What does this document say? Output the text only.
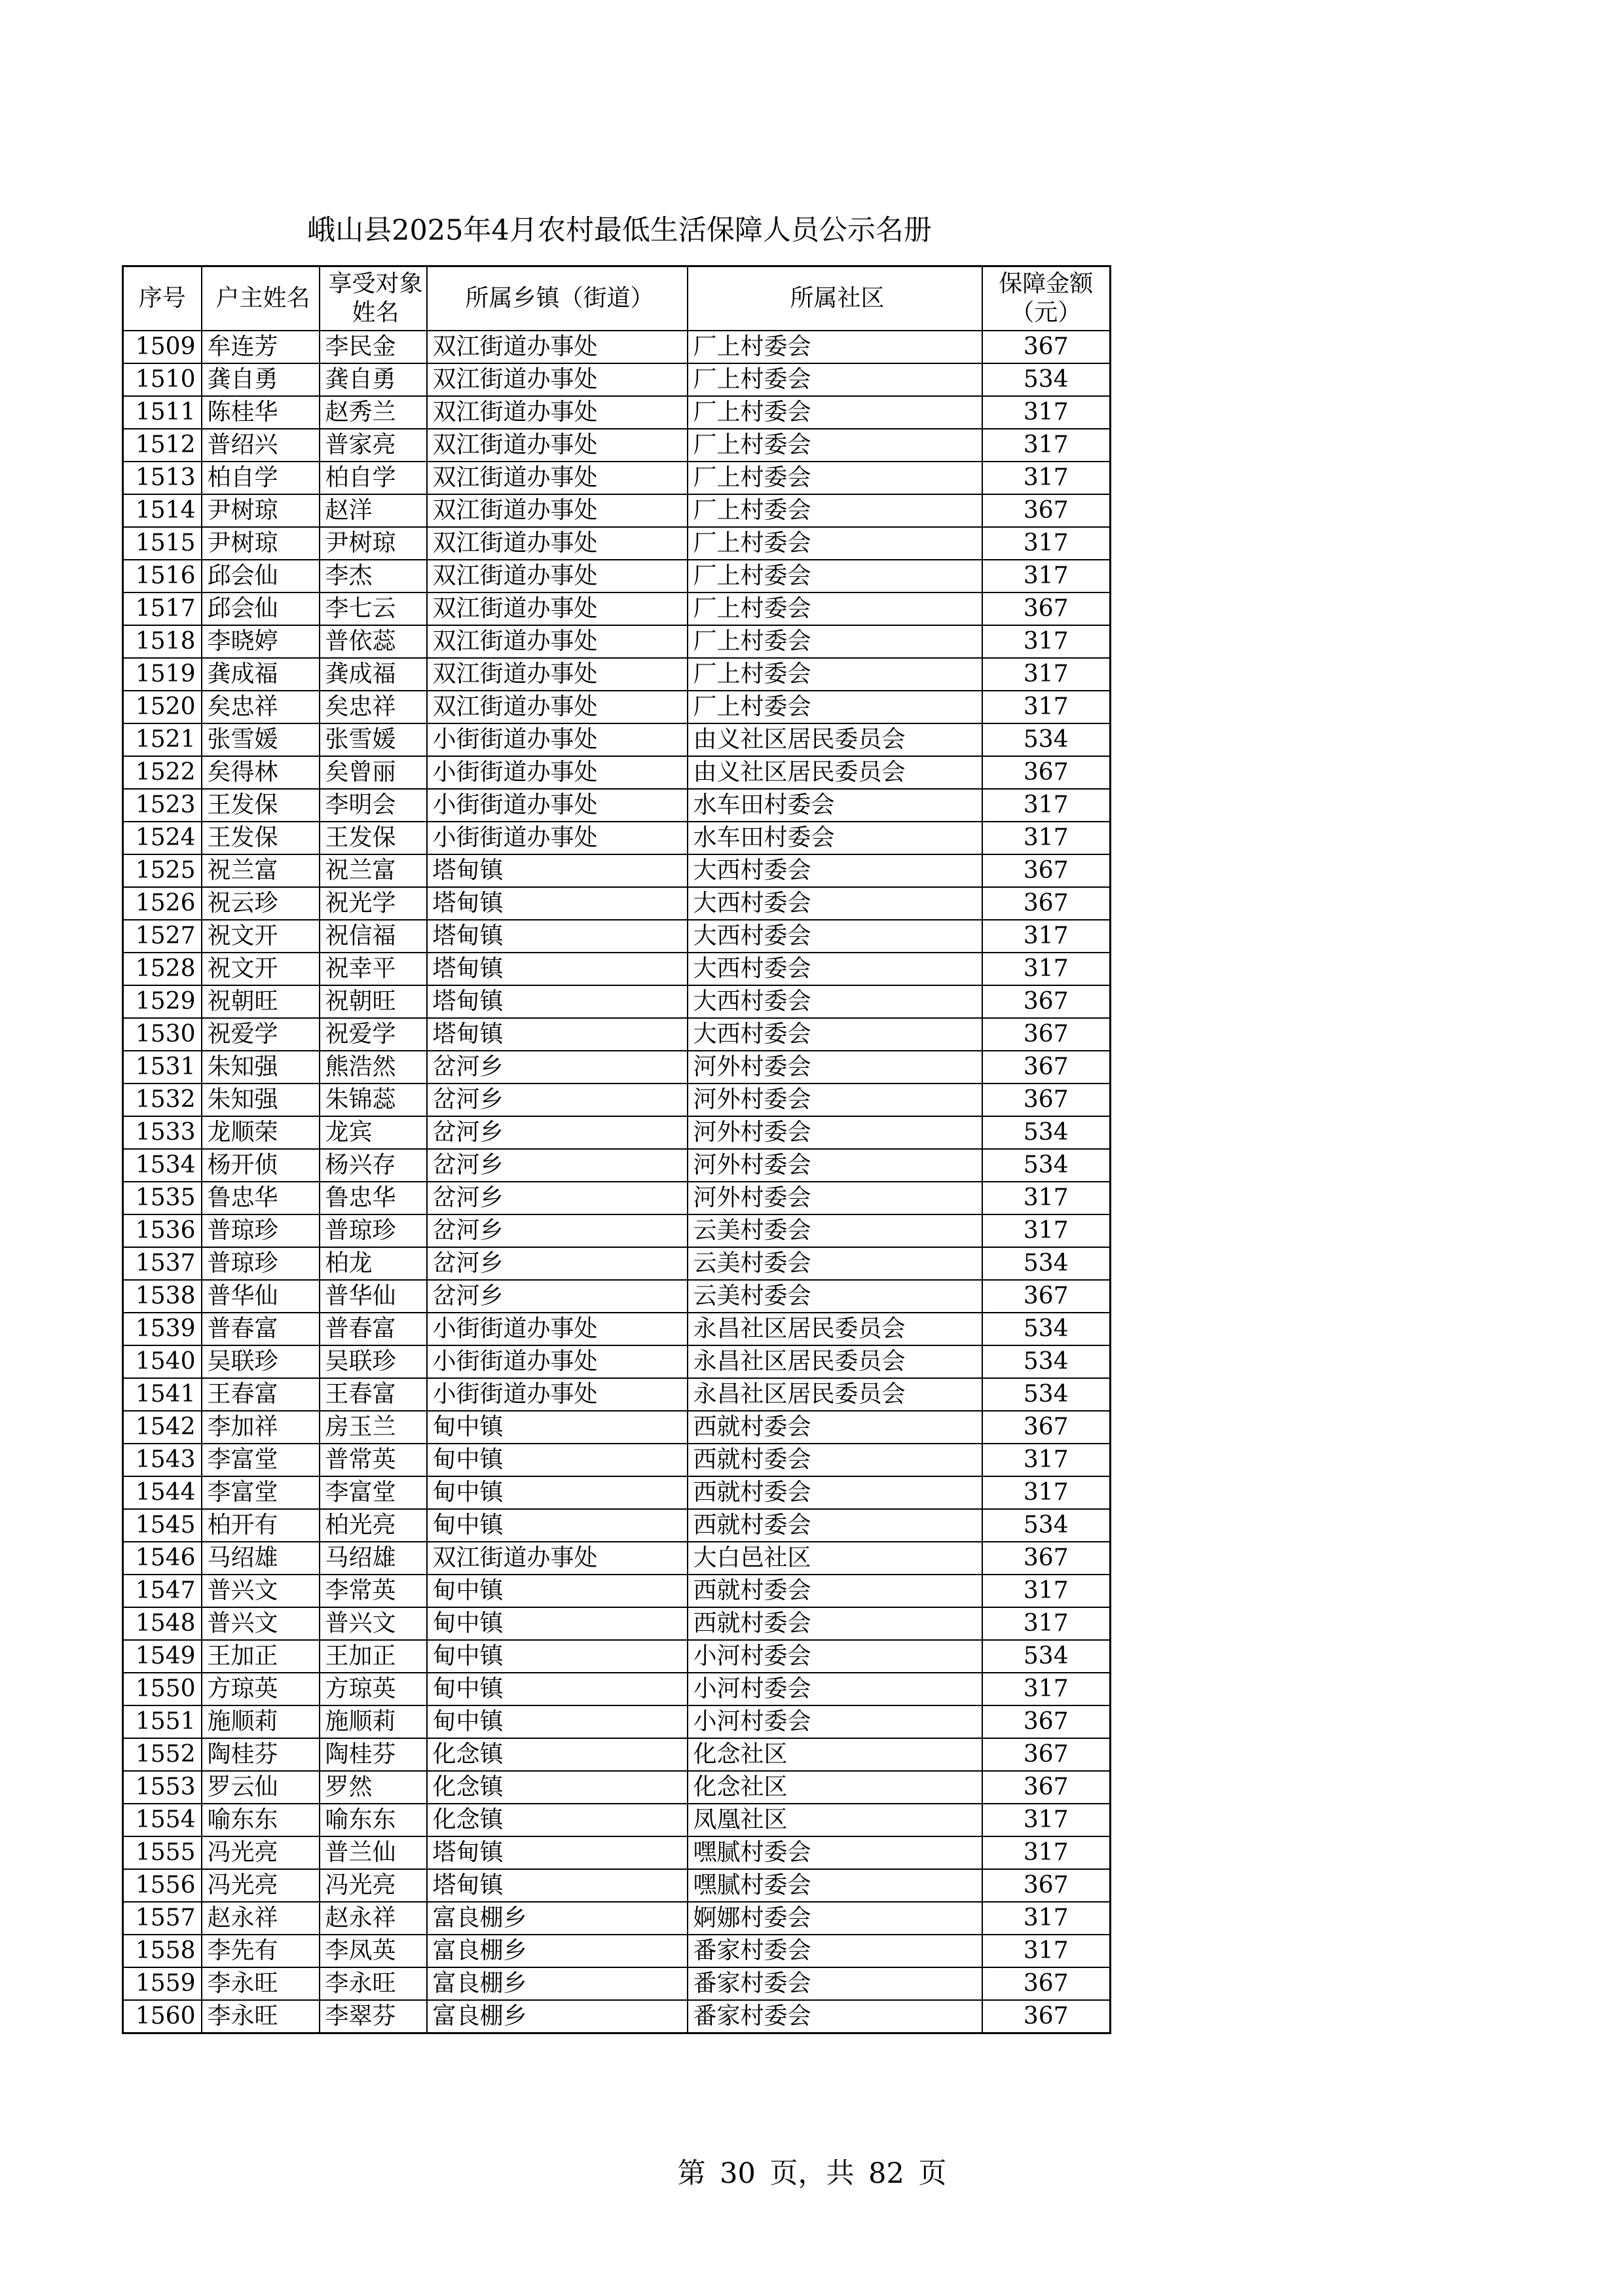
峨山县2025年4月农村最低生活保障人员公示名册
序号	户主姓名	享受对象姓名	所属乡镇（街道）	所属社区	保障金额（元）
1509	牟连芳	李民金	双江街道办事处	厂上村委会	367
1510	龚自勇	龚自勇	双江街道办事处	厂上村委会	534
1511	陈桂华	赵秀兰	双江街道办事处	厂上村委会	317
1512	普绍兴	普家亮	双江街道办事处	厂上村委会	317
1513	柏自学	柏自学	双江街道办事处	厂上村委会	317
1514	尹树琼	赵洋	双江街道办事处	厂上村委会	367
1515	尹树琼	尹树琼	双江街道办事处	厂上村委会	317
1516	邱会仙	李杰	双江街道办事处	厂上村委会	317
1517	邱会仙	李七云	双江街道办事处	厂上村委会	367
1518	李晓婷	普依蕊	双江街道办事处	厂上村委会	317
1519	龚成福	龚成福	双江街道办事处	厂上村委会	317
1520	矣忠祥	矣忠祥	双江街道办事处	厂上村委会	317
1521	张雪媛	张雪媛	小街街道办事处	由义社区居民委员会	534
1522	矣得林	矣曾丽	小街街道办事处	由义社区居民委员会	367
1523	王发保	李明会	小街街道办事处	水车田村委会	317
1524	王发保	王发保	小街街道办事处	水车田村委会	317
1525	祝兰富	祝兰富	塔甸镇	大西村委会	367
1526	祝云珍	祝光学	塔甸镇	大西村委会	367
1527	祝文开	祝信福	塔甸镇	大西村委会	317
1528	祝文开	祝幸平	塔甸镇	大西村委会	317
1529	祝朝旺	祝朝旺	塔甸镇	大西村委会	367
1530	祝爱学	祝爱学	塔甸镇	大西村委会	367
1531	朱知强	熊浩然	岔河乡	河外村委会	367
1532	朱知强	朱锦蕊	岔河乡	河外村委会	367
1533	龙顺荣	龙宾	岔河乡	河外村委会	534
1534	杨开侦	杨兴存	岔河乡	河外村委会	534
1535	鲁忠华	鲁忠华	岔河乡	河外村委会	317
1536	普琼珍	普琼珍	岔河乡	云美村委会	317
1537	普琼珍	柏龙	岔河乡	云美村委会	534
1538	普华仙	普华仙	岔河乡	云美村委会	367
1539	普春富	普春富	小街街道办事处	永昌社区居民委员会	534
1540	吴联珍	吴联珍	小街街道办事处	永昌社区居民委员会	534
1541	王春富	王春富	小街街道办事处	永昌社区居民委员会	534
1542	李加祥	房玉兰	甸中镇	西就村委会	367
1543	李富堂	普常英	甸中镇	西就村委会	317
1544	李富堂	李富堂	甸中镇	西就村委会	317
1545	柏开有	柏光亮	甸中镇	西就村委会	534
1546	马绍雄	马绍雄	双江街道办事处	大白邑社区	367
1547	普兴文	李常英	甸中镇	西就村委会	317
1548	普兴文	普兴文	甸中镇	西就村委会	317
1549	王加正	王加正	甸中镇	小河村委会	534
1550	方琼英	方琼英	甸中镇	小河村委会	317
1551	施顺莉	施顺莉	甸中镇	小河村委会	367
1552	陶桂芬	陶桂芬	化念镇	化念社区	367
1553	罗云仙	罗然	化念镇	化念社区	367
1554	喻东东	喻东东	化念镇	凤凰社区	317
1555	冯光亮	普兰仙	塔甸镇	嘿腻村委会	317
1556	冯光亮	冯光亮	塔甸镇	嘿腻村委会	367
1557	赵永祥	赵永祥	富良棚乡	婀娜村委会	317
1558	李先有	李凤英	富良棚乡	番家村委会	317
1559	李永旺	李永旺	富良棚乡	番家村委会	367
1560	李永旺	李翠芬	富良棚乡	番家村委会	367
第 30 页，共 82 页
